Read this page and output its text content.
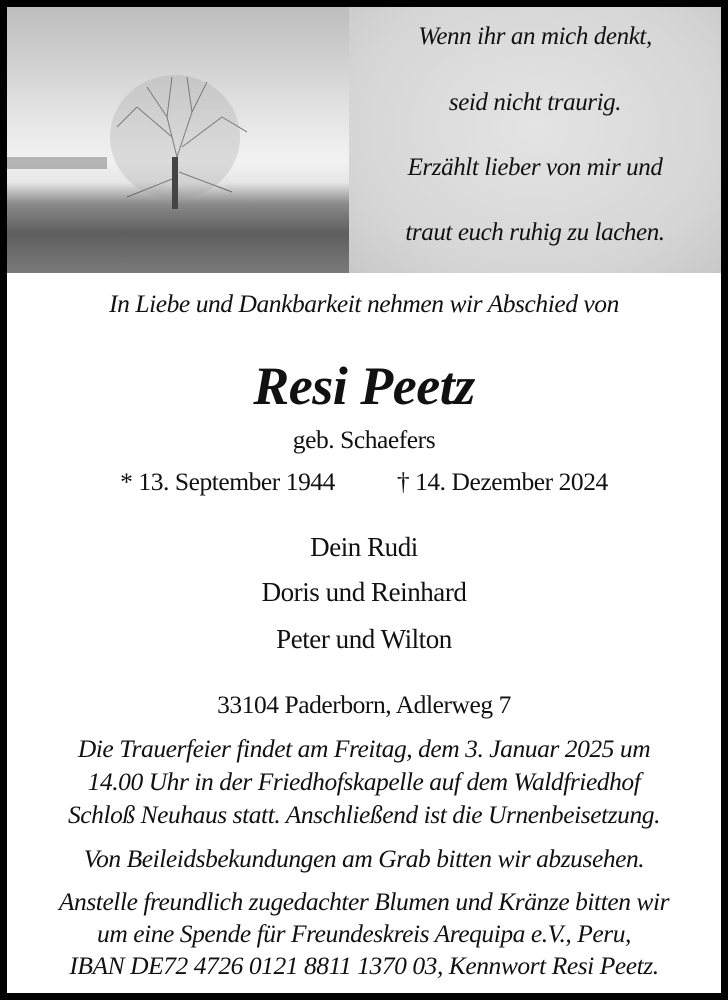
Wenn ihr an mich denkt,
seid nicht traurig.
Erzählt lieber von mir und
traut euch ruhig zu lachen.
In Liebe und Dankbarkeit nehmen wir Abschied von
Resi Peetz
geb. Schaefers
* 13. September 1944 † 14. Dezember 2024
Dein Rudi
Doris und Reinhard
Peter und Wilton
33104 Paderborn, Adlerweg 7
Die Trauerfeier findet am Freitag, dem 3. Januar 2025 um
14.00 Uhr in der Friedhofskapelle auf dem Waldfriedhof
Schloß Neuhaus statt. Anschließend ist die Urnenbeisetzung.
Von Beileidsbekundungen am Grab bitten wir abzusehen.
Anstelle freundlich zugedachter Blumen und Kränze bitten wir
um eine Spende für Freundeskreis Arequipa e.V., Peru,
IBAN DE72 4726 0121 8811 1370 03, Kennwort Resi Peetz.
